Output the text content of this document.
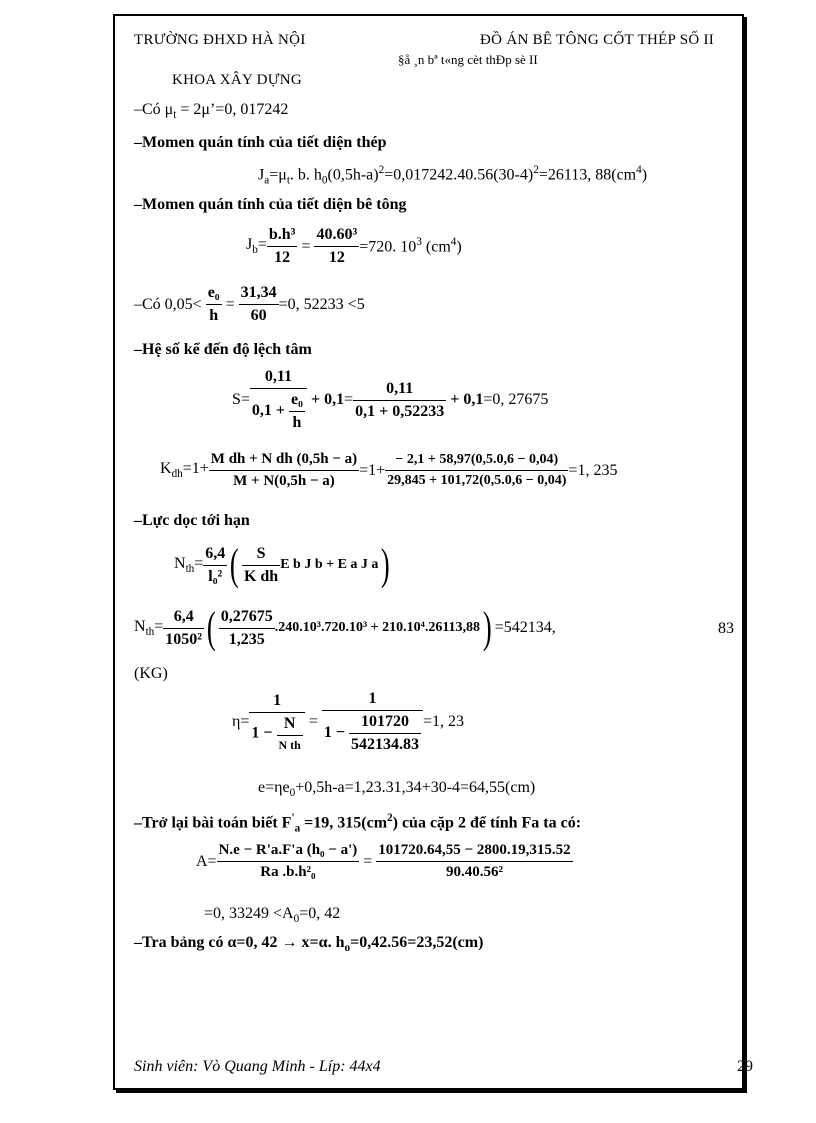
TRƯỜNG ĐHXD HÀ NỘI	ĐỒ ÁN BÊ TÔNG CỐT THÉP SỐ II
§å ¸n bª t«ng cèt thÐp sè II
KHOA XÂY DỰNG
–Có $\mu_t$ = 2μ’=0, 017242
–Momen quán tính của tiết diện thép
$J_a=\mu_t$. b. $h_0(0,5h-a)^2=0,017242.40.56(30-4)^2=26113$, $88(cm^4)$
–Momen quán tính của tiết diện bê tông
$J_b= \frac{\text{b.h³}}{12} = \frac{\text{40.60³}}{12} =720$. $10^3$ $(cm^4)$
–Có 0,05<
$\frac{\text{e₀}}{h} = \frac{31,34}{60} =0$, 52233 <5
–Hệ số kể đến độ lệch tâm
$S= \frac{0,11}{0,1 + \frac{\text{e₀}}{h}} + 0,1 = \frac{0,11}{0,1 + 0,52233} + 0,1 =0$, 27675
$K_{dh}=1+ \frac{\text{M dh + N dh (0,5h − a)}}{M + N(0,5h - a)} =1+ \frac{- 2,1 + 58,97(0,5.0,6 - 0,04)}{29,845 + 101,72(0,5.0,6 - 0,04)} =1$, 235
–Lực dọc tới hạn
$N_{th}= \frac{6,4}{\text{l₀²}}$ ( $\frac{S}{\text{K dh}}$ E b J b + E a J a )
$N_{th}= \frac{6,4}{\text{1050²}}$ ( $\frac{0,27675}{1,235} .240.10^3.720.10^3 + 210.10^4.26113,88$ ) =542134,	83
(KG)
$\eta= \frac{1}{1 - \frac{N}{\text{N th}}} = \frac{1}{1 - \frac{101720}{542134.83}} =1$, 23
$e=\eta e_0+0,5h-a=1,23.31,34+30-4=64,55(cm)$
–Trở lại bài toán biết $F'_a =19$, $315(cm^2)$ của cặp 2 để tính Fa ta có:
$A= \frac{\text{N.e − R'a.F'a (h₀ − a')}}{\text{Ra .b.h²₀}} = \frac{101720.64,55 - 2800.19,315.52}{\text{90.40.56²}}$
=0, $33249 <A_0=0$, 42
–Tra bảng có α=0, 42 → x=α. $h_o=0,42.56=23,52(cm)$
Sinh viên: Vò Quang Minh - Líp: 44x4	29
